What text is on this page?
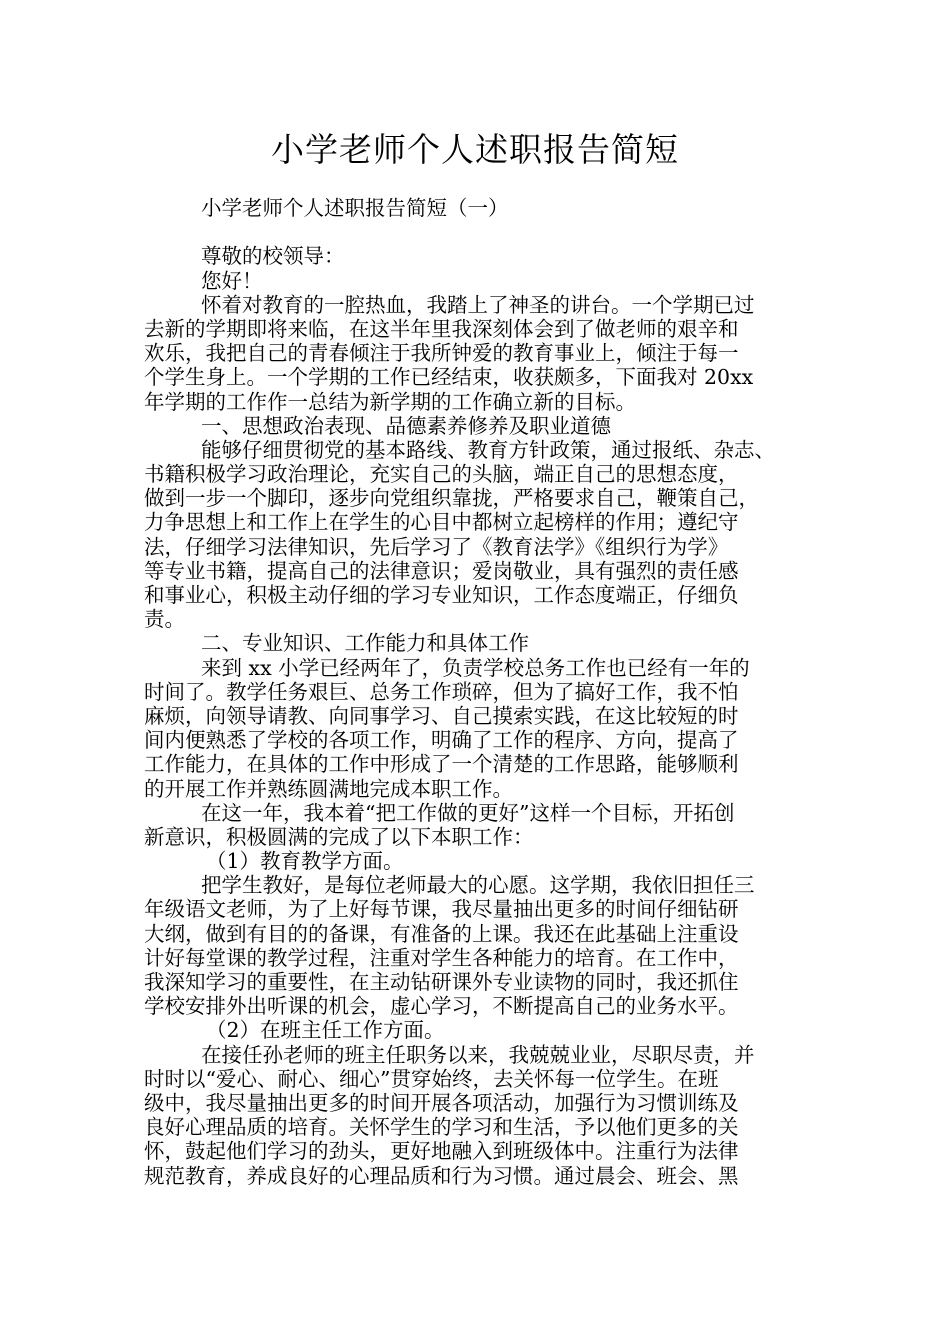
小学老师个人述职报告简短
小学老师个人述职报告简短（一）
尊敬的校领导：
您好！
怀着对教育的一腔热血，我踏上了神圣的讲台。一个学期已过
去新的学期即将来临，在这半年里我深刻体会到了做老师的艰辛和
欢乐，我把自己的青春倾注于我所钟爱的教育事业上，倾注于每一
个学生身上。一个学期的工作已经结束，收获颇多，下面我对 20xx
年学期的工作作一总结为新学期的工作确立新的目标。
一、思想政治表现、品德素养修养及职业道德
能够仔细贯彻党的基本路线、教育方针政策，通过报纸、杂志、
书籍积极学习政治理论，充实自己的头脑，端正自己的思想态度，
做到一步一个脚印，逐步向党组织靠拢，严格要求自己，鞭策自己，
力争思想上和工作上在学生的心目中都树立起榜样的作用；遵纪守
法，仔细学习法律知识，先后学习了《教育法学》《组织行为学》
等专业书籍，提高自己的法律意识；爱岗敬业，具有强烈的责任感
和事业心，积极主动仔细的学习专业知识，工作态度端正，仔细负
责。
二、专业知识、工作能力和具体工作
来到 xx 小学已经两年了，负责学校总务工作也已经有一年的
时间了。教学任务艰巨、总务工作琐碎，但为了搞好工作，我不怕
麻烦，向领导请教、向同事学习、自己摸索实践，在这比较短的时
间内便熟悉了学校的各项工作，明确了工作的程序、方向，提高了
工作能力，在具体的工作中形成了一个清楚的工作思路，能够顺利
的开展工作并熟练圆满地完成本职工作。
在这一年，我本着“把工作做的更好”这样一个目标，开拓创
新意识，积极圆满的完成了以下本职工作：
（1）教育教学方面。
把学生教好，是每位老师最大的心愿。这学期，我依旧担任三
年级语文老师，为了上好每节课，我尽量抽出更多的时间仔细钻研
大纲，做到有目的的备课，有准备的上课。我还在此基础上注重设
计好每堂课的教学过程，注重对学生各种能力的培育。在工作中，
我深知学习的重要性，在主动钻研课外专业读物的同时，我还抓住
学校安排外出听课的机会，虚心学习，不断提高自己的业务水平。
（2）在班主任工作方面。
在接任孙老师的班主任职务以来，我兢兢业业，尽职尽责，并
时时以“爱心、耐心、细心”贯穿始终，去关怀每一位学生。在班
级中，我尽量抽出更多的时间开展各项活动，加强行为习惯训练及
良好心理品质的培育。关怀学生的学习和生活，予以他们更多的关
怀，鼓起他们学习的劲头，更好地融入到班级体中。注重行为法律
规范教育，养成良好的心理品质和行为习惯。通过晨会、班会、黑
